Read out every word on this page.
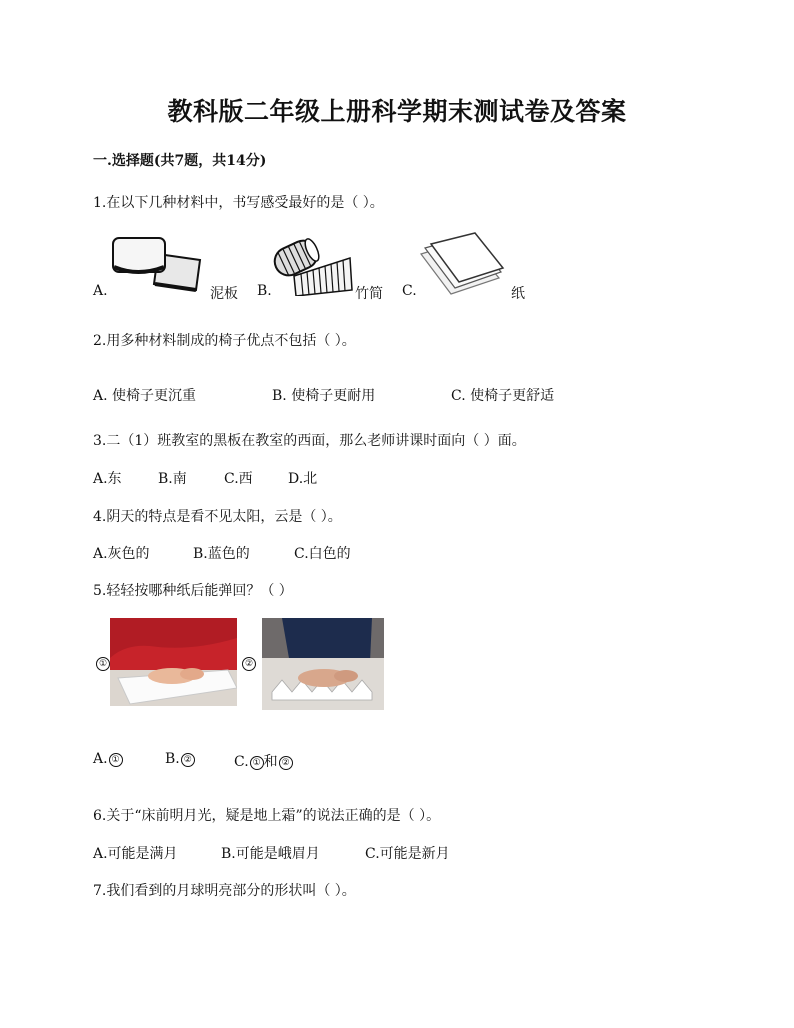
教科版二年级上册科学期末测试卷及答案
一.选择题(共7题，共14分)
1.在以下几种材料中，书写感受最好的是（ ）。
A.	泥板 B.	竹简 C.	纸
2.用多种材料制成的椅子优点不包括（ ）。
A. 使椅子更沉重	B. 使椅子更耐用	C. 使椅子更舒适
3.二（1）班教室的黑板在教室的西面，那么老师讲课时面向（ ）面。
A.东	B.南	C.西	D.北
4.阴天的特点是看不见太阳，云是（ ）。
A.灰色的	B.蓝色的	C.白色的
5.轻轻按哪种纸后能弹回？（ ）
①	②
A. ①	B. ②	C. ① 和 ②
6.关于“床前明月光，疑是地上霜”的说法正确的是（ ）。
A.可能是满月	B.可能是峨眉月	C.可能是新月
7.我们看到的月球明亮部分的形状叫（ ）。
